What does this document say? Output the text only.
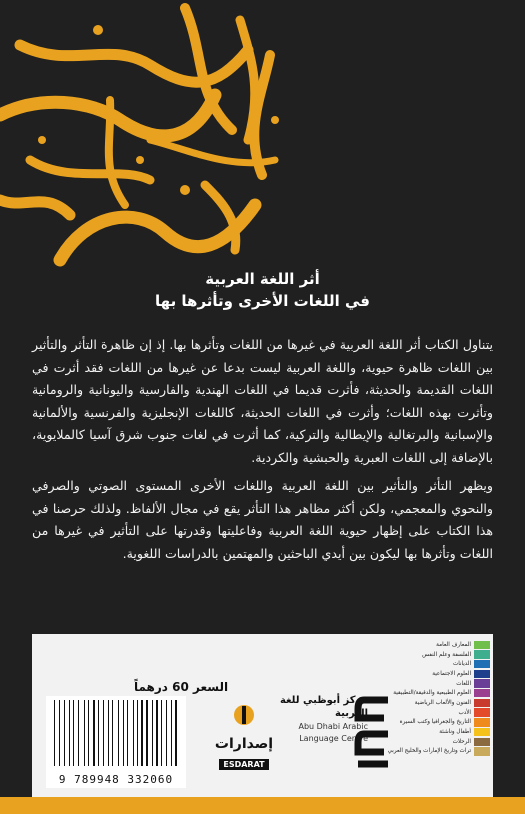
أثر اللغة العربية
في اللغات الأخرى وتأثرها بها

يتناول الكتاب أثر اللغة العربية في غيرها من اللغات وتأثرها بها. إذ إن ظاهرة التأثر والتأثير بين اللغات ظاهرة حيوية، واللغة العربية ليست بدعا عن غيرها من اللغات فقد أثرت في اللغات القديمة والحديثة، فأثرت قديما في اللغات الهندية والفارسية واليونانية والرومانية وتأثرت بهذه اللغات؛ وأثرت في اللغات الحديثة، كاللغات الإنجليزية والفرنسية والألمانية والإسبانية والبرتغالية والإيطالية والتركية، كما أثرت في لغات جنوب شرق آسيا كالملايوية، بالإضافة إلى اللغات العبرية والحبشية والكردية.

ويظهر التأثر والتأثير بين اللغة العربية واللغات الأخرى المستوى الصوتي والصرفي والنحوي والمعجمي، ولكن أكثر مظاهر هذا التأثر يقع في مجال الألفاظ. ولذلك حرصنا في هذا الكتاب على إظهار حيوية اللغة العربية وفاعليتها وقدرتها على التأثير في غيرها من اللغات وتأثرها بها ليكون بين أيدي الباحثين والمهتمين بالدراسات اللغوية.

السعر 60 درهماً
9 789948 332060
إصدارات
ESDARAT
مركز أبوظبي للغة العربية
Abu Dhabi Arabic
Language Centre
المعارف العامة
الفلسفة وعلم النفس
الديانات
العلوم الاجتماعية
اللغات
العلوم الطبيعية والدقيقة/التطبيقية
الفنون والألعاب الرياضية
الأدب
التاريخ والجغرافيا وكتب السيرة
أطفال وناشئة
الرحلات
تراث وتاريخ الإمارات والخليج العربي
